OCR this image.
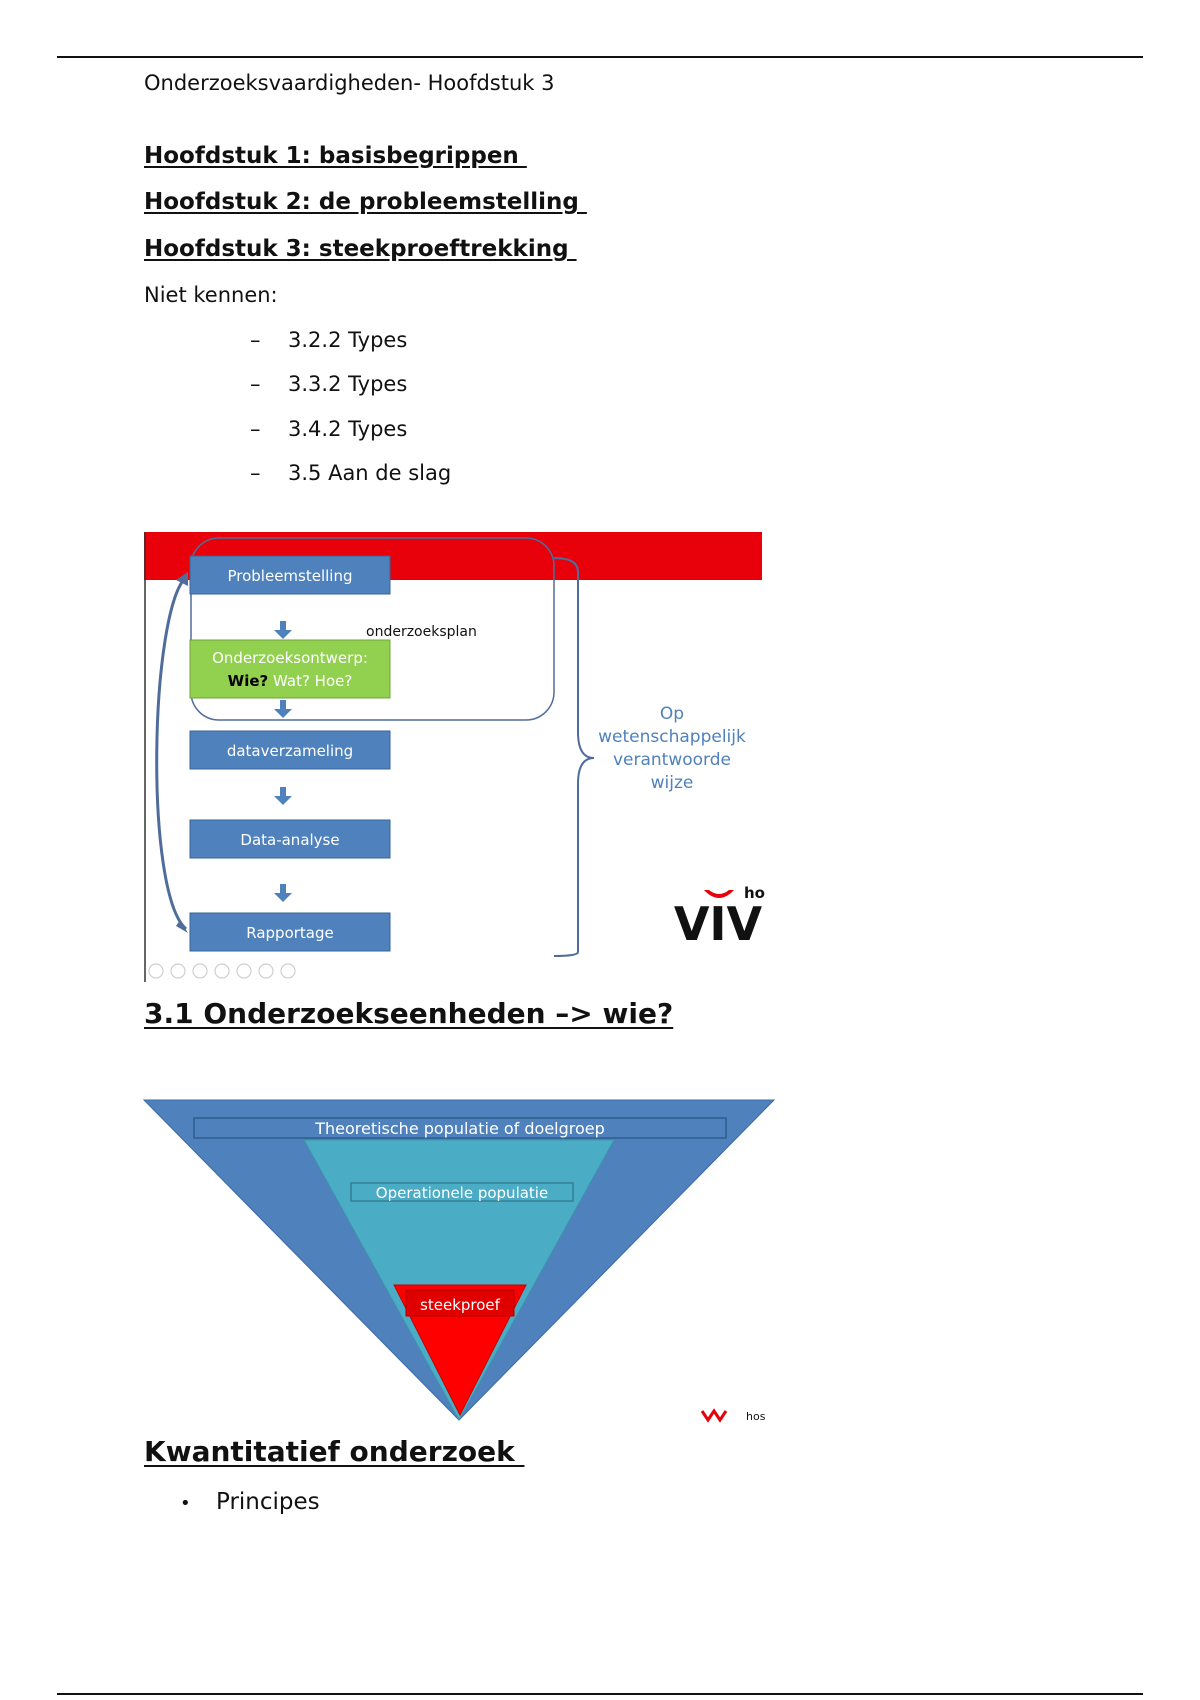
Onderzoeksvaardigheden- Hoofdstuk 3
Hoofdstuk 1: basisbegrippen
Hoofdstuk 2: de probleemstelling
Hoofdstuk 3: steekproeftrekking
Niet kennen:
– 3.2.2 Types
– 3.3.2 Types
– 3.4.2 Types
– 3.5 Aan de slag
Probleemstelling
Onderzoeksontwerp:
Wie? Wat? Hoe?
dataverzameling
Data-analyse
Rapportage
onderzoeksplan
Op
wetenschappelijk
verantwoorde
wijze
ho
VIV
3.1 Onderzoekseenheden –> wie?
Theoretische populatie of doelgroep
Operationele populatie
steekproef
hos
Kwantitatief onderzoek
• Principes
